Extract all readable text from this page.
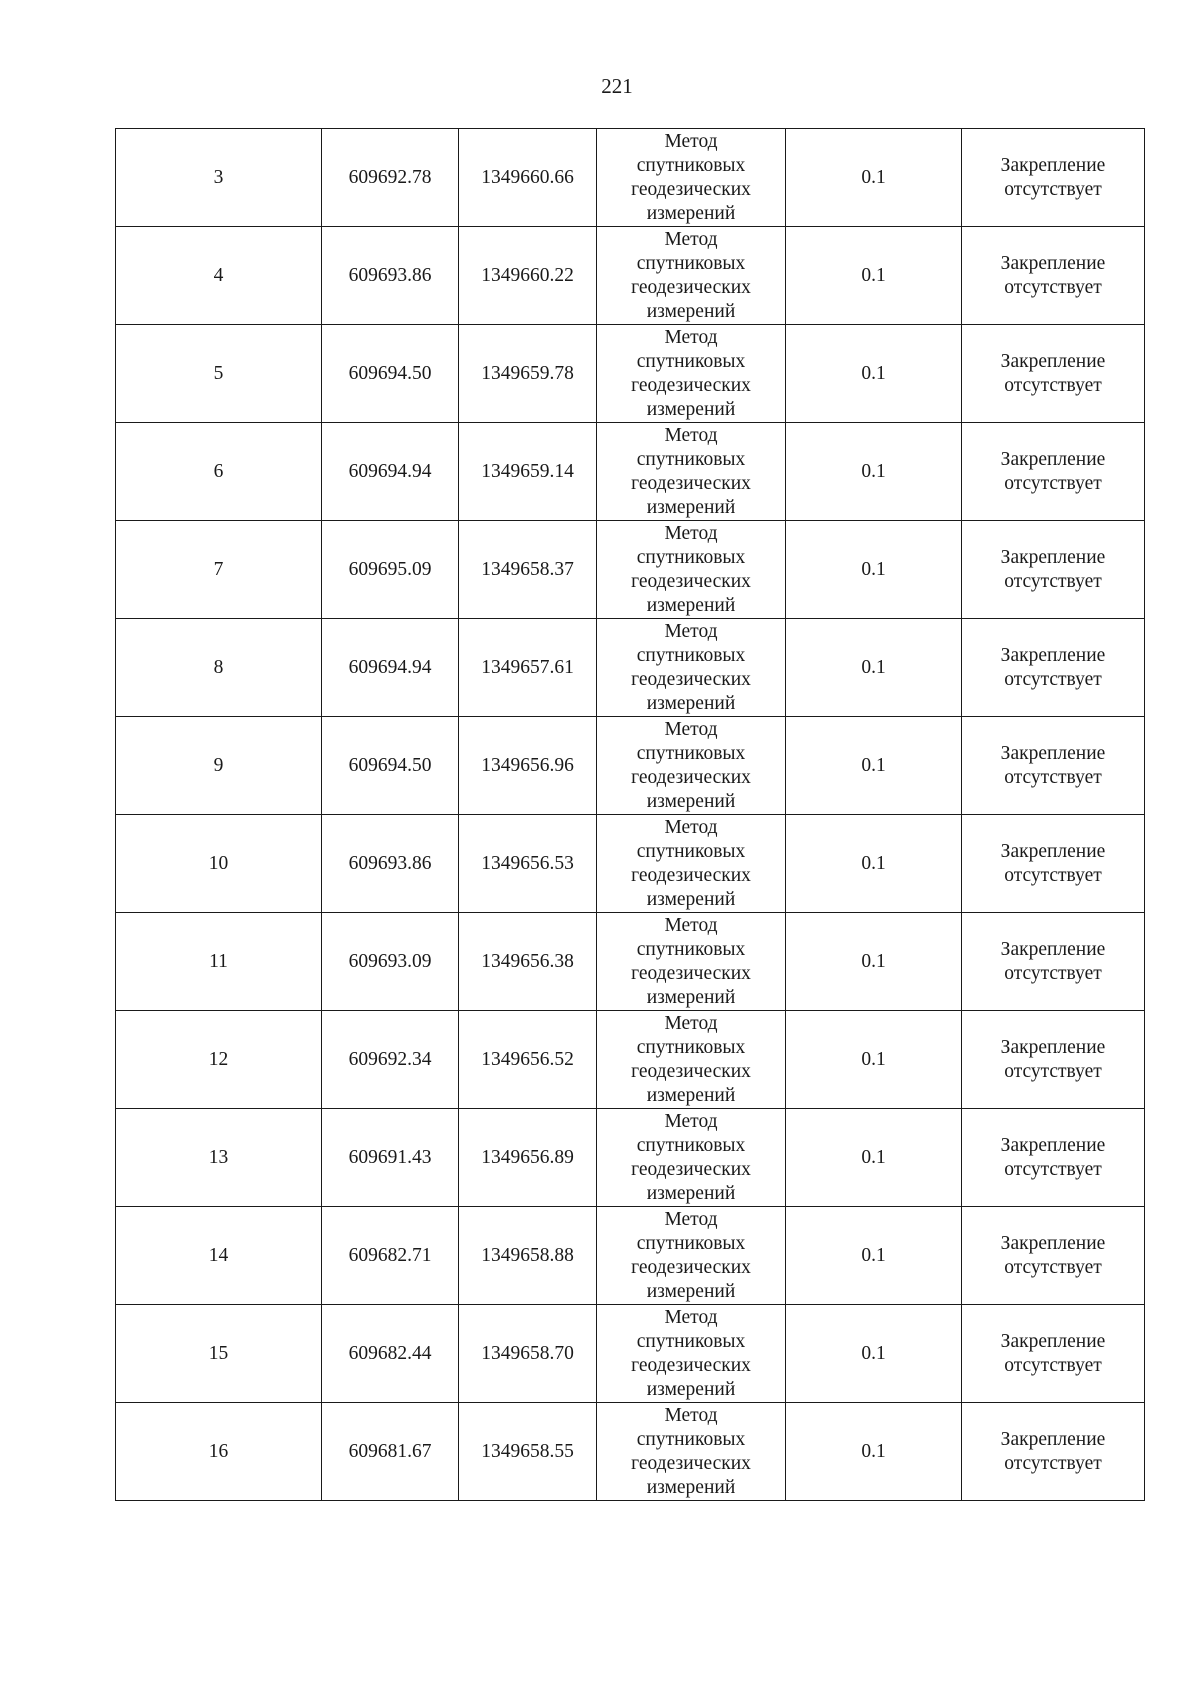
221
3	609692.78	1349660.66	Метод
спутниковых
геодезических
измерений	0.1	Закрепление
отсутствует

4	609693.86	1349660.22	Метод
спутниковых
геодезических
измерений	0.1	Закрепление
отсутствует

5	609694.50	1349659.78	Метод
спутниковых
геодезических
измерений	0.1	Закрепление
отсутствует

6	609694.94	1349659.14	Метод
спутниковых
геодезических
измерений	0.1	Закрепление
отсутствует

7	609695.09	1349658.37	Метод
спутниковых
геодезических
измерений	0.1	Закрепление
отсутствует

8	609694.94	1349657.61	Метод
спутниковых
геодезических
измерений	0.1	Закрепление
отсутствует

9	609694.50	1349656.96	Метод
спутниковых
геодезических
измерений	0.1	Закрепление
отсутствует

10	609693.86	1349656.53	Метод
спутниковых
геодезических
измерений	0.1	Закрепление
отсутствует

11	609693.09	1349656.38	Метод
спутниковых
геодезических
измерений	0.1	Закрепление
отсутствует

12	609692.34	1349656.52	Метод
спутниковых
геодезических
измерений	0.1	Закрепление
отсутствует

13	609691.43	1349656.89	Метод
спутниковых
геодезических
измерений	0.1	Закрепление
отсутствует

14	609682.71	1349658.88	Метод
спутниковых
геодезических
измерений	0.1	Закрепление
отсутствует

15	609682.44	1349658.70	Метод
спутниковых
геодезических
измерений	0.1	Закрепление
отсутствует

16	609681.67	1349658.55	Метод
спутниковых
геодезических
измерений	0.1	Закрепление
отсутствует
